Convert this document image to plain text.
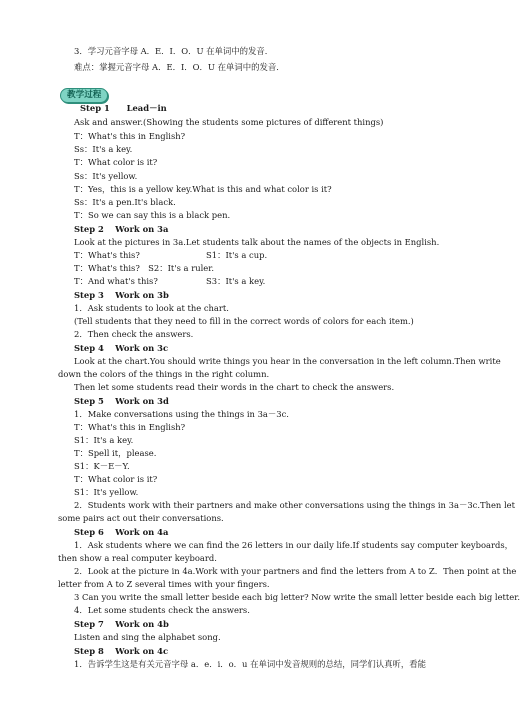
3．学习元音字母 A．E．I．O．U 在单词中的发音．
难点：掌握元音字母 A．E．I．O．U 在单词中的发音．
教学过程
Step 1　　Lead－in
Ask and answer.(Showing the students some pictures of different things)
T：What's this in English?
Ss：It's a key.
T：What color is it?
Ss：It's yellow.
T：Yes，this is a yellow key.What is this and what color is it?
Ss：It's a pen.It's black.
T：So we can say this is a black pen.
Step 2　 Work on 3a
Look at the pictures in 3a.Let students talk about the names of the objects in English.
T：What's this?	S1：It's a cup.
T：What's this?　S2：It's a ruler.
T：And what's this?	S3：It's a key.
Step 3　 Work on 3b
1．Ask students to look at the chart.
(Tell students that they need to fill in the correct words of colors for each item.)
2．Then check the answers.
Step 4　 Work on 3c
Look at the chart.You should write things you hear in the conversation in the left column.Then write
down the colors of the things in the right column.
Then let some students read their words in the chart to check the answers.
Step 5　 Work on 3d
1．Make conversations using the things in 3a－3c.
T：What's this in English?
S1：It's a key.
T：Spell it，please.
S1：K－E－Y.
T：What color is it?
S1：It's yellow.
2．Students work with their partners and make other conversations using the things in 3a－3c.Then let
some pairs act out their conversations.
Step 6　 Work on 4a
1．Ask students where we can find the 26 letters in our daily life.If students say computer keyboards，
then show a real computer keyboard.
2．Look at the picture in 4a.Work with your partners and find the letters from A to Z．Then point at the
letter from A to Z several times with your fingers.
3 Can you write the small letter beside each big letter? Now write the small letter beside each big letter.
4．Let some students check the answers.
Step 7　 Work on 4b
Listen and sing the alphabet song.
Step 8　 Work on 4c
1．告诉学生这是有关元音字母 a．e．i．o．u 在单词中发音规则的总结，同学们认真听，看能
